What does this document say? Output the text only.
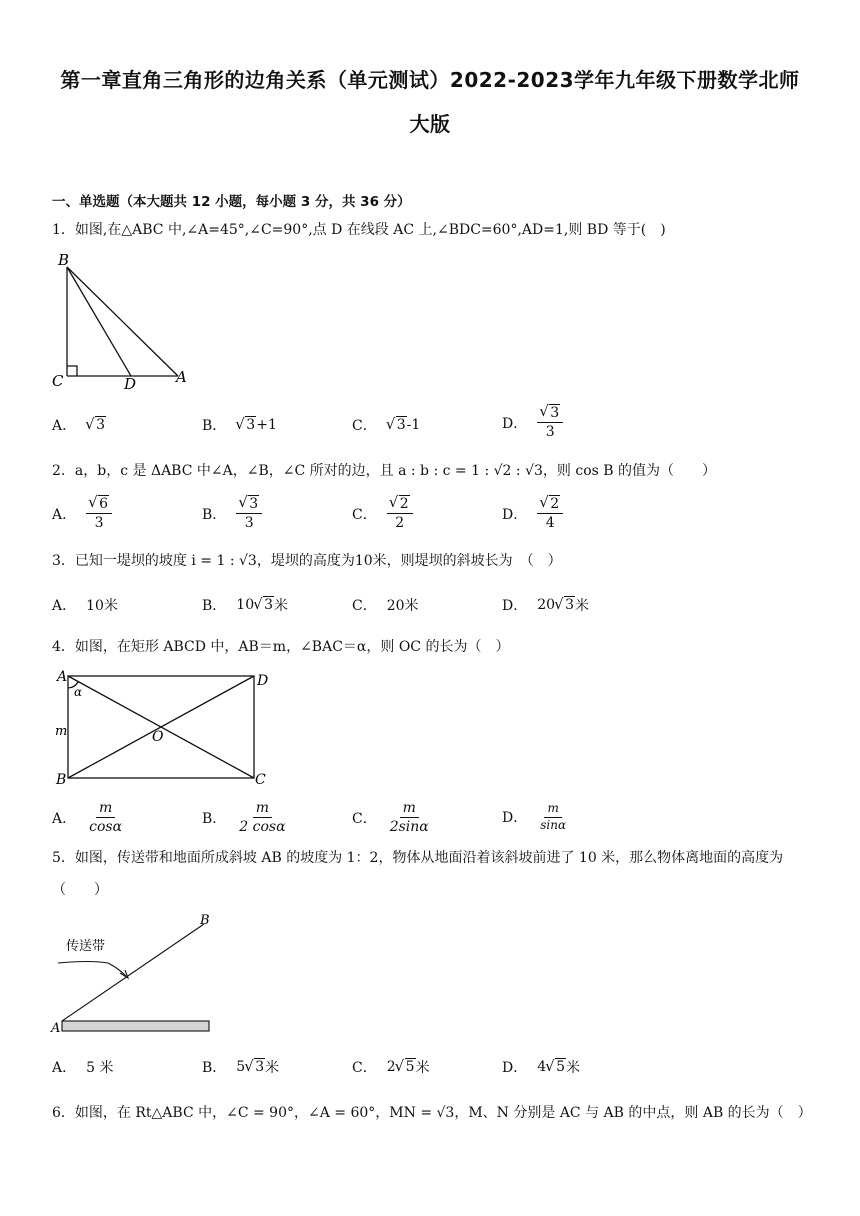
第一章直角三角形的边角关系（单元测试）2022-2023学年九年级下册数学北师
大版
一、单选题（本大题共 12 小题，每小题 3 分，共 36 分）
1．如图,在△ABC 中,∠A=45°,∠C=90°,点 D 在线段 AC 上,∠BDC=60°,AD=1,则 BD 等于(　)
B
C	D	A
A．	√ 3	B．	√ 3 +1	C．	√ 3 -1	D． √ $\frac{3}{3}$
2．a，b，c 是 ΔABC 中∠A，∠B，∠C 所对的边，且 a : b : c = 1 : √2 : √3，则 cos B 的值为（　　）
A． √ $\frac{6}{3}$	B． √ $\frac{3}{3}$	C． √ $\frac{2}{2}$	D． √ $\frac{2}{4}$
3．已知一堤坝的坡度 i = 1 : √3，堤坝的高度为10米，则堤坝的斜坡长为　（　）
A． 10米	B． 10 √ 3 米	C． 20米	D． 20 √ 3 米
4．如图，在矩形 ABCD 中，AB＝m，∠BAC＝α，则 OC 的长为（　）
A	D
B	C
O
m
α
A． $\frac{m}{\cos\alpha}$	B． $\frac{m}{2 \cos\alpha}$	C． $\frac{m}{2\sin\alpha}$	D． $\frac{m}{\sin\alpha}$
5．如图，传送带和地面所成斜坡 AB 的坡度为 1：2，物体从地面沿着该斜坡前进了 10 米，那么物体离地面的高度为（　　）
传送带
B
A
A． 5 米	B． 5 √ 3 米	C． 2 √ 5 米	D． 4 √ 5 米
6．如图，在 Rt△ABC 中，∠C = 90°，∠A = 60°，MN = √3，M、N 分别是 AC 与 AB 的中点，则 AB 的长为（　）
